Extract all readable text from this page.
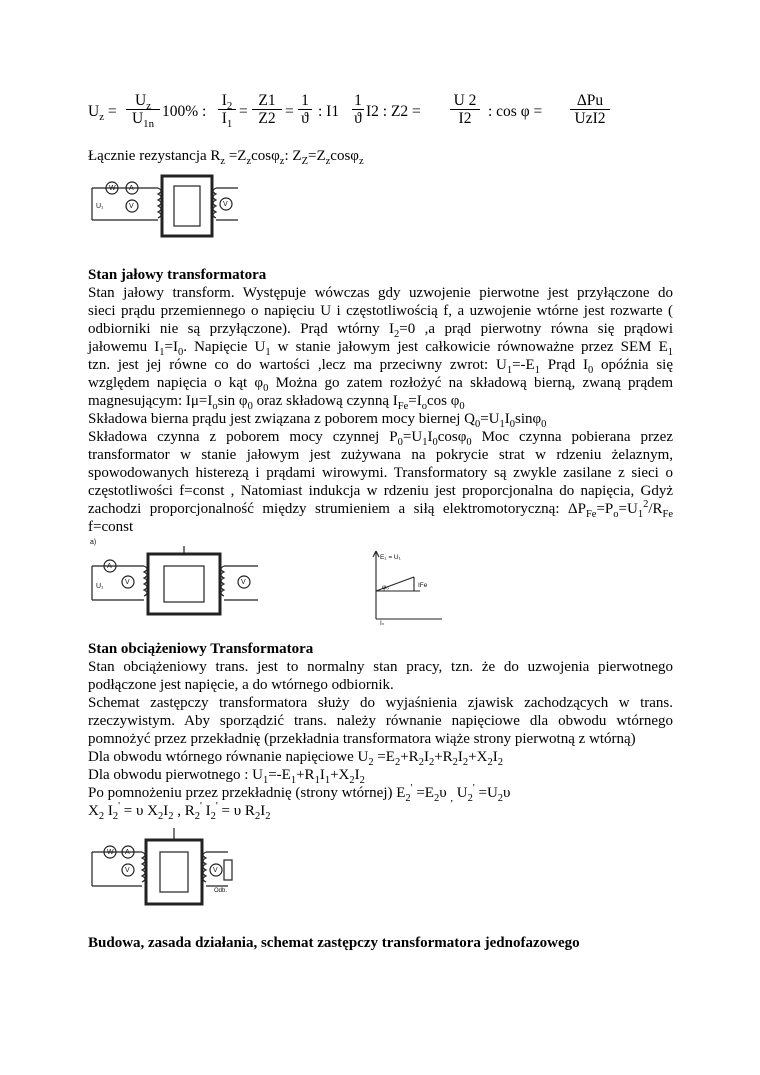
$U_z = \frac{U_z}{U_{1n}} 100\%$ : $\frac{I_2}{I_1} = \frac{Z1}{Z2} = \frac{1}{ϑ}$ : $I1 \frac{1}{ϑ} I2$ : $Z2 = \frac{U 2}{I2}$ : cos φ =
ΔPu
UzI2
Łącznie rezystancja $R_z =Z_z\cos\varphi_z$: $Z_Z=Z_z\cos\varphi_z$
W A
V	V
U₁
Stan jałowy transformatora
Stan jałowy transform. Występuje wówczas gdy uzwojenie pierwotne jest przyłączone do
sieci prądu przemiennego o napięciu U i częstotliwością f, a uzwojenie wtórne jest rozwarte (
odbiorniki nie są przyłączone). Prąd wtórny $I_2=0$ ,a prąd pierwotny równa się prądowi
jałowemu $I_1=I_0$. Napięcie $U_1$ w stanie jałowym jest całkowicie równoważne przez SEM $E_1$
tzn. jest jej równe co do wartości ,lecz ma przeciwny zwrot: $U_1=-E_1$ Prąd $I_0$ opóźnia się
względem napięcia o kąt $\varphi_0$ Można go zatem rozłożyć na składową bierną, zwaną prądem
magnesującym: $I\mu=I_o\sin$ $\varphi_0$ oraz składową czynną $I_{Fe}=I_o\cos$ $\varphi_0$
Składowa bierna prądu jest związana z poborem mocy biernej $Q_0=U_1I_0\sin\varphi_0$
Składowa czynna z poborem mocy czynnej $P_0=U_1I_0\cos\varphi_0$ Moc czynna pobierana przez
transformator w stanie jałowym jest zużywana na pokrycie strat w rdzeniu żelaznym,
spowodowanych histerezą i prądami wirowymi. Transformatory są zwykle zasilane z sieci o
częstotliwości f=const , Natomiast indukcja w rdzeniu jest proporcjonalna do napięcia, Gdyż
zachodzi proporcjonalność między strumieniem a siłą elektromotoryczną: $\Delta P_{Fe}=P_o=U_1^2/R_{Fe}$
f=const
a)
A
V	V
U₁
E₁ = U₁
φ₀
I₀
IFe
Stan obciążeniowy Transformatora
Stan obciążeniowy trans. jest to normalny stan pracy, tzn. że do uzwojenia pierwotnego
podłączone jest napięcie, a do wtórnego odbiornik.
Schemat zastępczy transformatora służy do wyjaśnienia zjawisk zachodzących w trans.
rzeczywistym. Aby sporządzić trans. należy równanie napięciowe dla obwodu wtórnego
pomnożyć przez przekładnię (przekładnia transformatora wiąże strony pierwotną z wtórną)
Dla obwodu wtórnego równanie napięciowe $U_2 =E_2+R_2I_2+R_2I_2+X_2I_2$
Dla obwodu pierwotnego : $U_1=-E_1+R_1I_1+X_2I_2$
Po pomnożeniu przez przekładnię (strony wtórnej) $E_2' =E_2\upsilon$ $_,$ $U_2' =U_2\upsilon$
$X_2$ $I_2' = \upsilon$ $X_2I_2$ , $R_2'$ $I_2' = \upsilon$ $R_2I_2$
W A
V	V
Odb.
Budowa, zasada działania, schemat zastępczy transformatora jednofazowego
